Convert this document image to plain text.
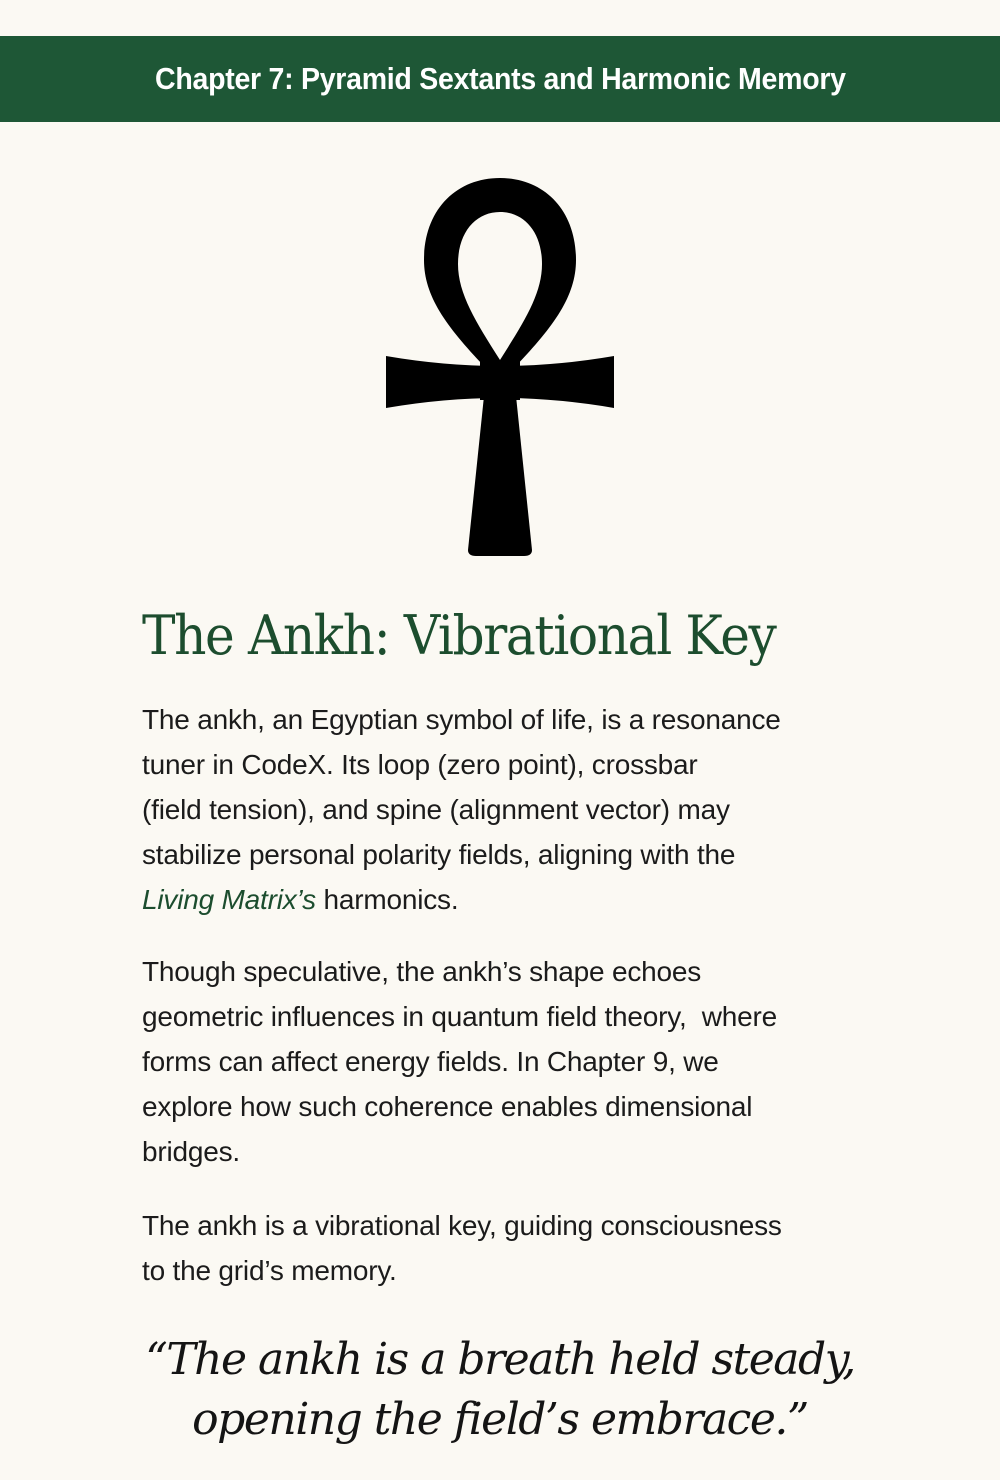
Chapter 7: Pyramid Sextants and Harmonic Memory
The Ankh: Vibrational Key

The ankh, an Egyptian symbol of life, is a resonance
tuner in CodeX. Its loop (zero point), crossbar
(field tension), and spine (alignment vector) may
stabilize personal polarity fields, aligning with the
Living Matrix’s harmonics.

Though speculative, the ankh’s shape echoes
geometric influences in quantum field theory,  where
forms can affect energy fields. In Chapter 9, we
explore how such coherence enables dimensional
bridges.

The ankh is a vibrational key, guiding consciousness
to the grid’s memory.

“The ankh is a breath held steady,
opening the field’s embrace.”
